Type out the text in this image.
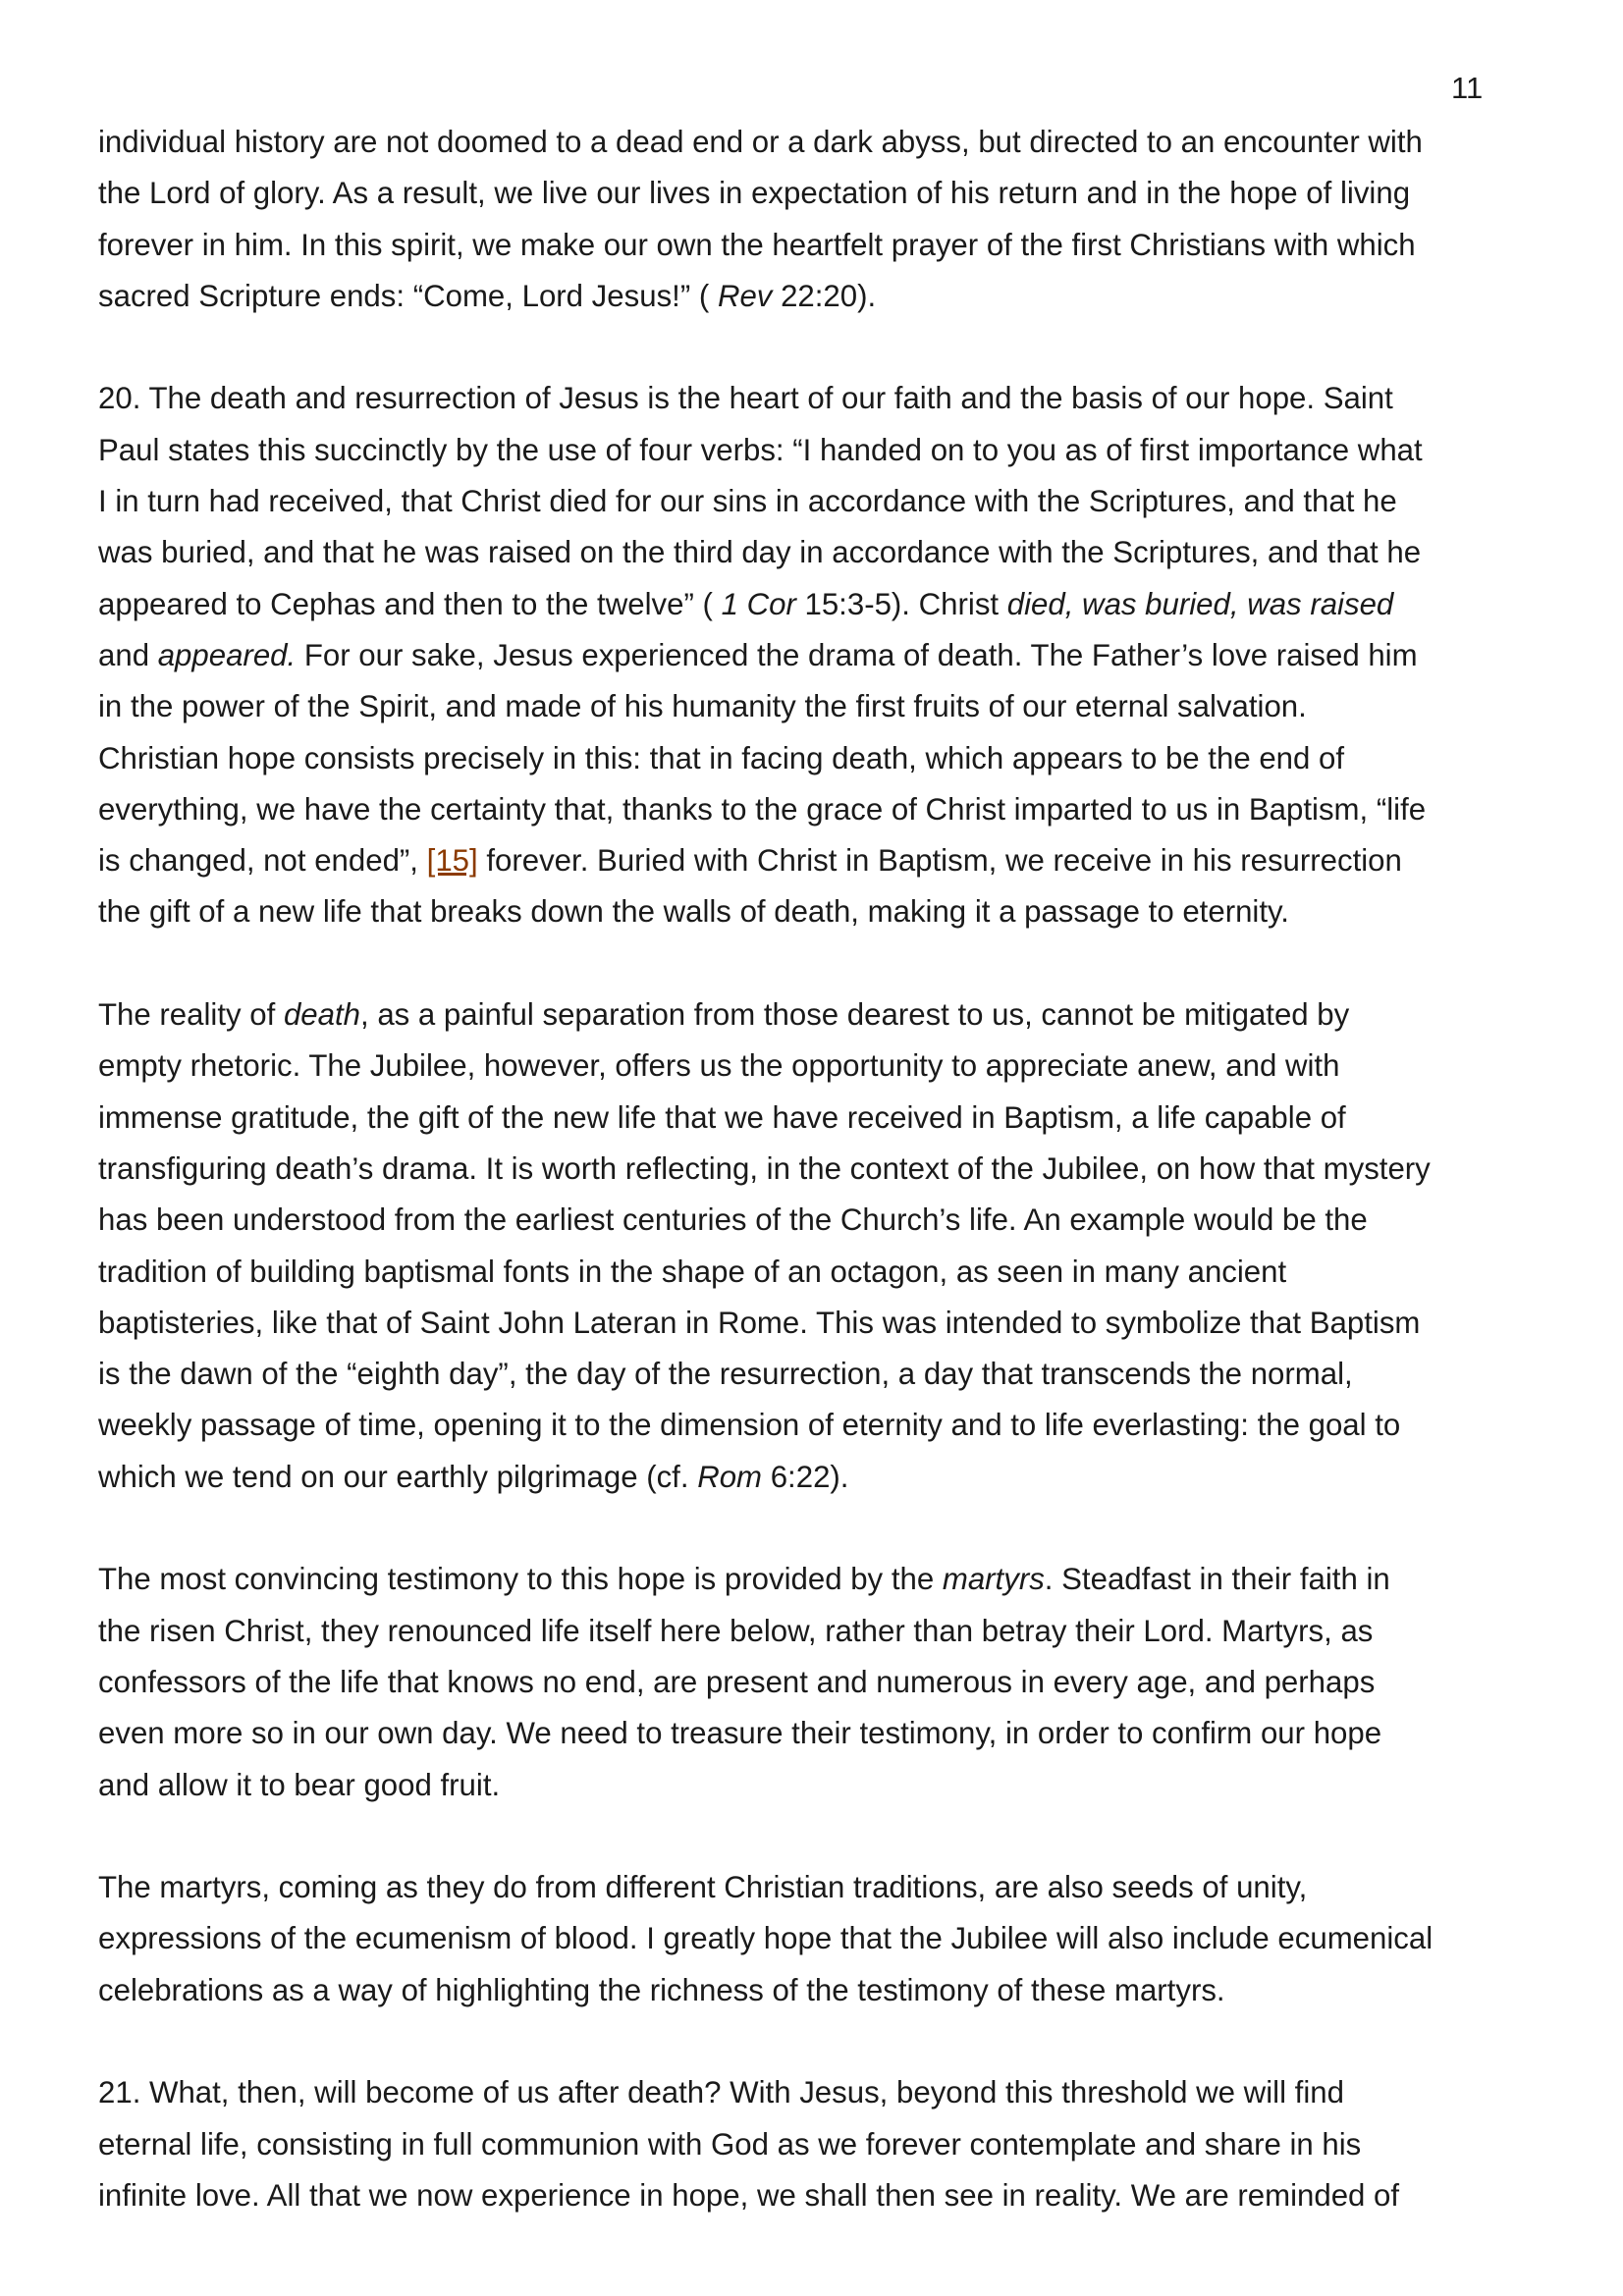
11

individual history are not doomed to a dead end or a dark abyss, but directed to an encounter with
the Lord of glory. As a result, we live our lives in expectation of his return and in the hope of living
forever in him. In this spirit, we make our own the heartfelt prayer of the first Christians with which
sacred Scripture ends: “Come, Lord Jesus!” ( Rev 22:20).

20. The death and resurrection of Jesus is the heart of our faith and the basis of our hope. Saint
Paul states this succinctly by the use of four verbs: “I handed on to you as of first importance what
I in turn had received, that Christ died for our sins in accordance with the Scriptures, and that he
was buried, and that he was raised on the third day in accordance with the Scriptures, and that he
appeared to Cephas and then to the twelve” ( 1 Cor 15:3-5). Christ died, was buried, was raised
and appeared. For our sake, Jesus experienced the drama of death. The Father’s love raised him
in the power of the Spirit, and made of his humanity the first fruits of our eternal salvation.
Christian hope consists precisely in this: that in facing death, which appears to be the end of
everything, we have the certainty that, thanks to the grace of Christ imparted to us in Baptism, “life
is changed, not ended”, [15] forever. Buried with Christ in Baptism, we receive in his resurrection
the gift of a new life that breaks down the walls of death, making it a passage to eternity.

The reality of death, as a painful separation from those dearest to us, cannot be mitigated by
empty rhetoric. The Jubilee, however, offers us the opportunity to appreciate anew, and with
immense gratitude, the gift of the new life that we have received in Baptism, a life capable of
transfiguring death’s drama. It is worth reflecting, in the context of the Jubilee, on how that mystery
has been understood from the earliest centuries of the Church’s life. An example would be the
tradition of building baptismal fonts in the shape of an octagon, as seen in many ancient
baptisteries, like that of Saint John Lateran in Rome. This was intended to symbolize that Baptism
is the dawn of the “eighth day”, the day of the resurrection, a day that transcends the normal,
weekly passage of time, opening it to the dimension of eternity and to life everlasting: the goal to
which we tend on our earthly pilgrimage (cf. Rom 6:22).

The most convincing testimony to this hope is provided by the martyrs. Steadfast in their faith in
the risen Christ, they renounced life itself here below, rather than betray their Lord. Martyrs, as
confessors of the life that knows no end, are present and numerous in every age, and perhaps
even more so in our own day. We need to treasure their testimony, in order to confirm our hope
and allow it to bear good fruit.

The martyrs, coming as they do from different Christian traditions, are also seeds of unity,
expressions of the ecumenism of blood. I greatly hope that the Jubilee will also include ecumenical
celebrations as a way of highlighting the richness of the testimony of these martyrs.

21. What, then, will become of us after death? With Jesus, beyond this threshold we will find
eternal life, consisting in full communion with God as we forever contemplate and share in his
infinite love. All that we now experience in hope, we shall then see in reality. We are reminded of
